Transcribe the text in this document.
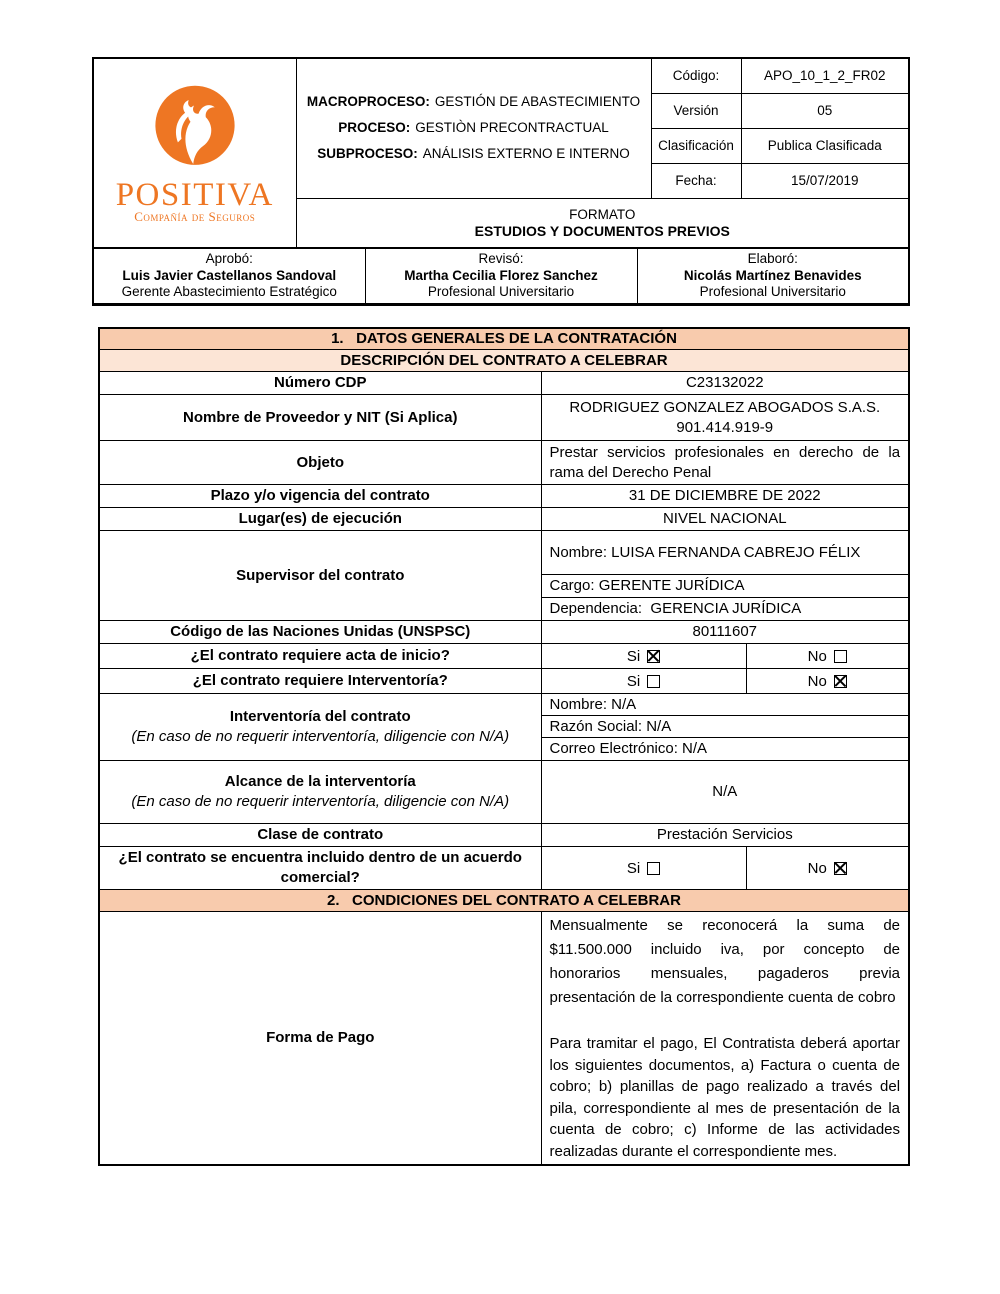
POSITIVA
Compañía de Seguros

MACROPROCESO: GESTIÓN DE ABASTECIMIENTO
PROCESO: GESTIÒN PRECONTRACTUAL
SUBPROCESO: ANÁLISIS EXTERNO E INTERNO
	Código:	APO_10_1_2_FR02
		Versión	05
		Clasificación	Publica Clasificada
		Fecha:	15/07/2019

	FORMATO
ESTUDIOS Y DOCUMENTOS PREVIOS		
Aprobó:
Luis Javier Castellanos Sandoval
Gerente Abastecimiento Estratégico

Revisó:
Martha Cecilia Florez Sanchez
Profesional Universitario

Elaboró:
Nicolás Martínez Benavides
Profesional Universitario
1.   DATOS GENERALES DE LA CONTRATACIÓN		
DESCRIPCIÓN DEL CONTRATO A CELEBRAR		
Número CDP	C23132022	
Nombre de Proveedor y NIT (Si Aplica)	RODRIGUEZ GONZALEZ ABOGADOS S.A.S. 901.414.919-9	
Objeto	Prestar servicios profesionales en derecho de la rama del Derecho Penal	
Plazo y/o vigencia del contrato	31 DE DICIEMBRE DE 2022	
Lugar(es) de ejecución	NIVEL NACIONAL	
Supervisor del contrato	Nombre: LUISA FERNANDA CABREJO FÉLIX
Cargo: GERENTE JURÍDICA
Dependencia:  GERENCIA JURÍDICA	

Código de las Naciones Unidas (UNSPSC)	80111607	
¿El contrato requiere acta de inicio?	Si	No
¿El contrato requiere Interventoría?	Si	No

Interventoría del contrato
(En caso de no requerir interventoría, diligencie con N/A)

Nombre: N/A
Razón Social: N/A
Correo Electrónico: N/A

Alcance de la interventoría
(En caso de no requerir interventoría, diligencie con N/A)	N/A	
Clase de contrato	Prestación Servicios	
¿El contrato se encuentra incluido dentro de un acuerdo comercial?	Si	No
2.   CONDICIONES DEL CONTRATO A CELEBRAR		
Forma de Pago	Mensualmente se reconocerá la suma de $11.500.000 incluido iva, por concepto de honorarios mensuales, pagaderos previa presentación de la correspondiente cuenta de cobro
Para tramitar el pago, El Contratista deberá aportar los siguientes documentos, a) Factura o cuenta de cobro; b) planillas de pago realizado a través del pila, correspondiente al mes de presentación de la cuenta de cobro; c) Informe de las actividades realizadas durante el correspondiente mes.	
